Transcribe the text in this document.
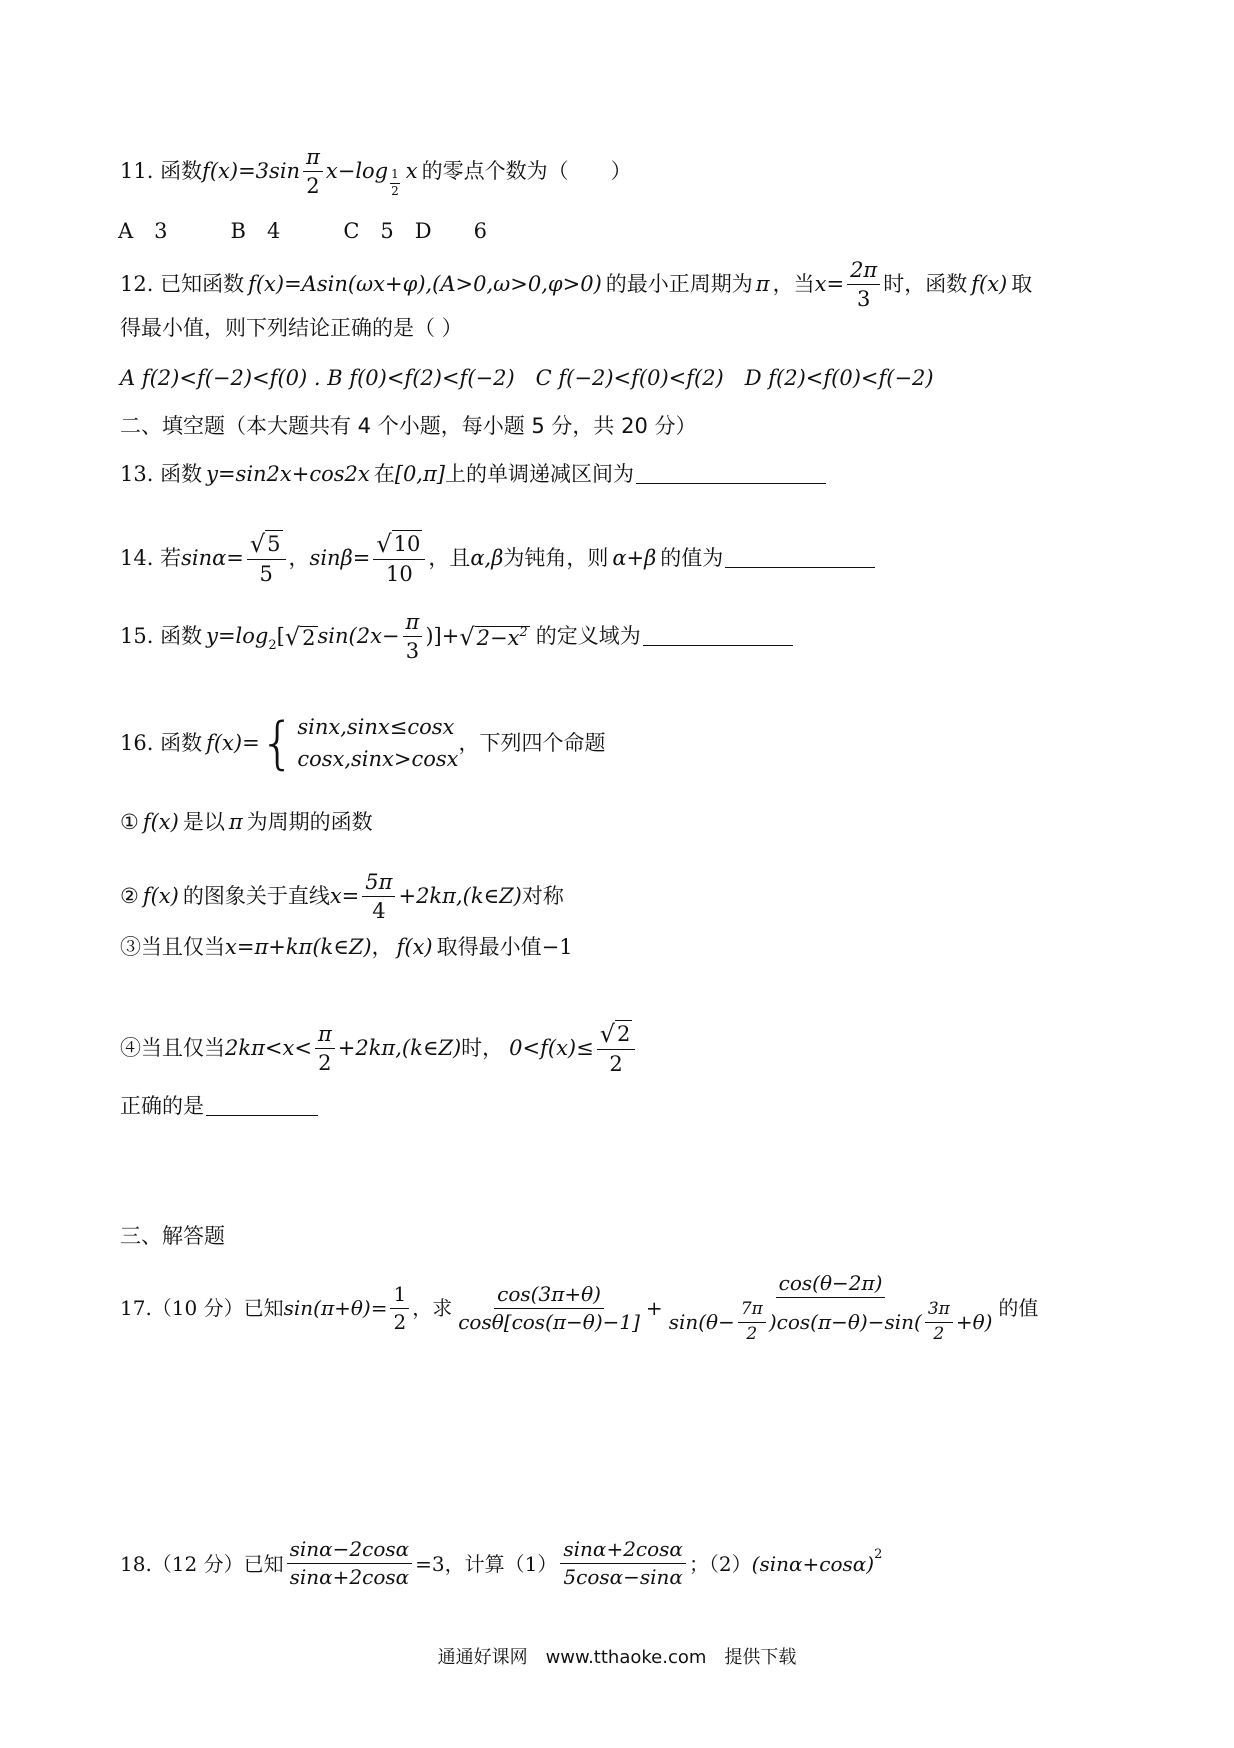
11. 函数 $f(x)=3\sin \frac{\pi}{2} x-\log \frac{1}{2}$ x 的零点个数为（　　）
A　3　　　B　4　　　C　5　D　　6
12. 已知函数 f(x)=Asin(ωx+φ),(A>0,ω>0,φ>0) 的最小正周期为 π ，当 $x= \frac{2\pi}{3}$ 时，函数 f(x) 取
得最小值，则下列结论正确的是（ ）
A f(2)<f(−2)<f(0) . B f(0)<f(2)<f(−2)　C f(−2)<f(0)<f(2)　D f(2)<f(0)<f(−2)
二、填空题（本大题共有 4 个小题，每小题 5 分，共 20 分）
13. 函数 y=sin2x+cos2x 在 [0,π] 上的单调递减区间为
14. 若 $\sin\alpha= \frac{√ 5}{5}$ ， $\sin\beta= \frac{√ 10}{10}$ ，且 α,β 为钝角，则 α+β 的值为
15. 函数 y=log 2 [ √ 2 $\sin(2x- \frac{\pi}{3}$ )]+ √ $2-x^2$ 的定义域为
16. 函数 f(x)= { sinx,sinx≤cosx
cosx,sinx>cosx
，下列四个命题
① f(x) 是以 π 为周期的函数
② f(x) 的图象关于直线 $x= \frac{5\pi}{4}$ +2kπ,(k∈Z) 对称
③当且仅当 x=π+kπ(k∈Z) ， f(x) 取得最小值 −1
④当且仅当 $2k\pi<x< \frac{\pi}{2}$ +2kπ,(k∈Z) 时， $0<f(x)\le \frac{√ 2}{2}$
正确的是
三、解答题
17.（10 分）已知 $\sin(\pi+\theta)= \frac{1}{2}$ ，求 $\frac{\cos(3\pi+\theta)}{\cos\theta[\cos(\pi-\theta)-1]}$ +
cos(θ−2π)
$\sin(\theta- \frac{7\pi}{2} )\cos(\pi-\theta)-\sin( \frac{3\pi}{2} +\theta)$
的值
18.（12 分）已知 $\frac{\sin\alpha-2\cos\alpha}{\sin\alpha+2\cos\alpha} =3$ ，计算$(1) \frac{\sin\alpha+2\cos\alpha}{5\cos\alpha-\sin\alpha}$ ；（2） (sinα+cosα) 2
通通好课网　www.tthaoke.com　提供下载
